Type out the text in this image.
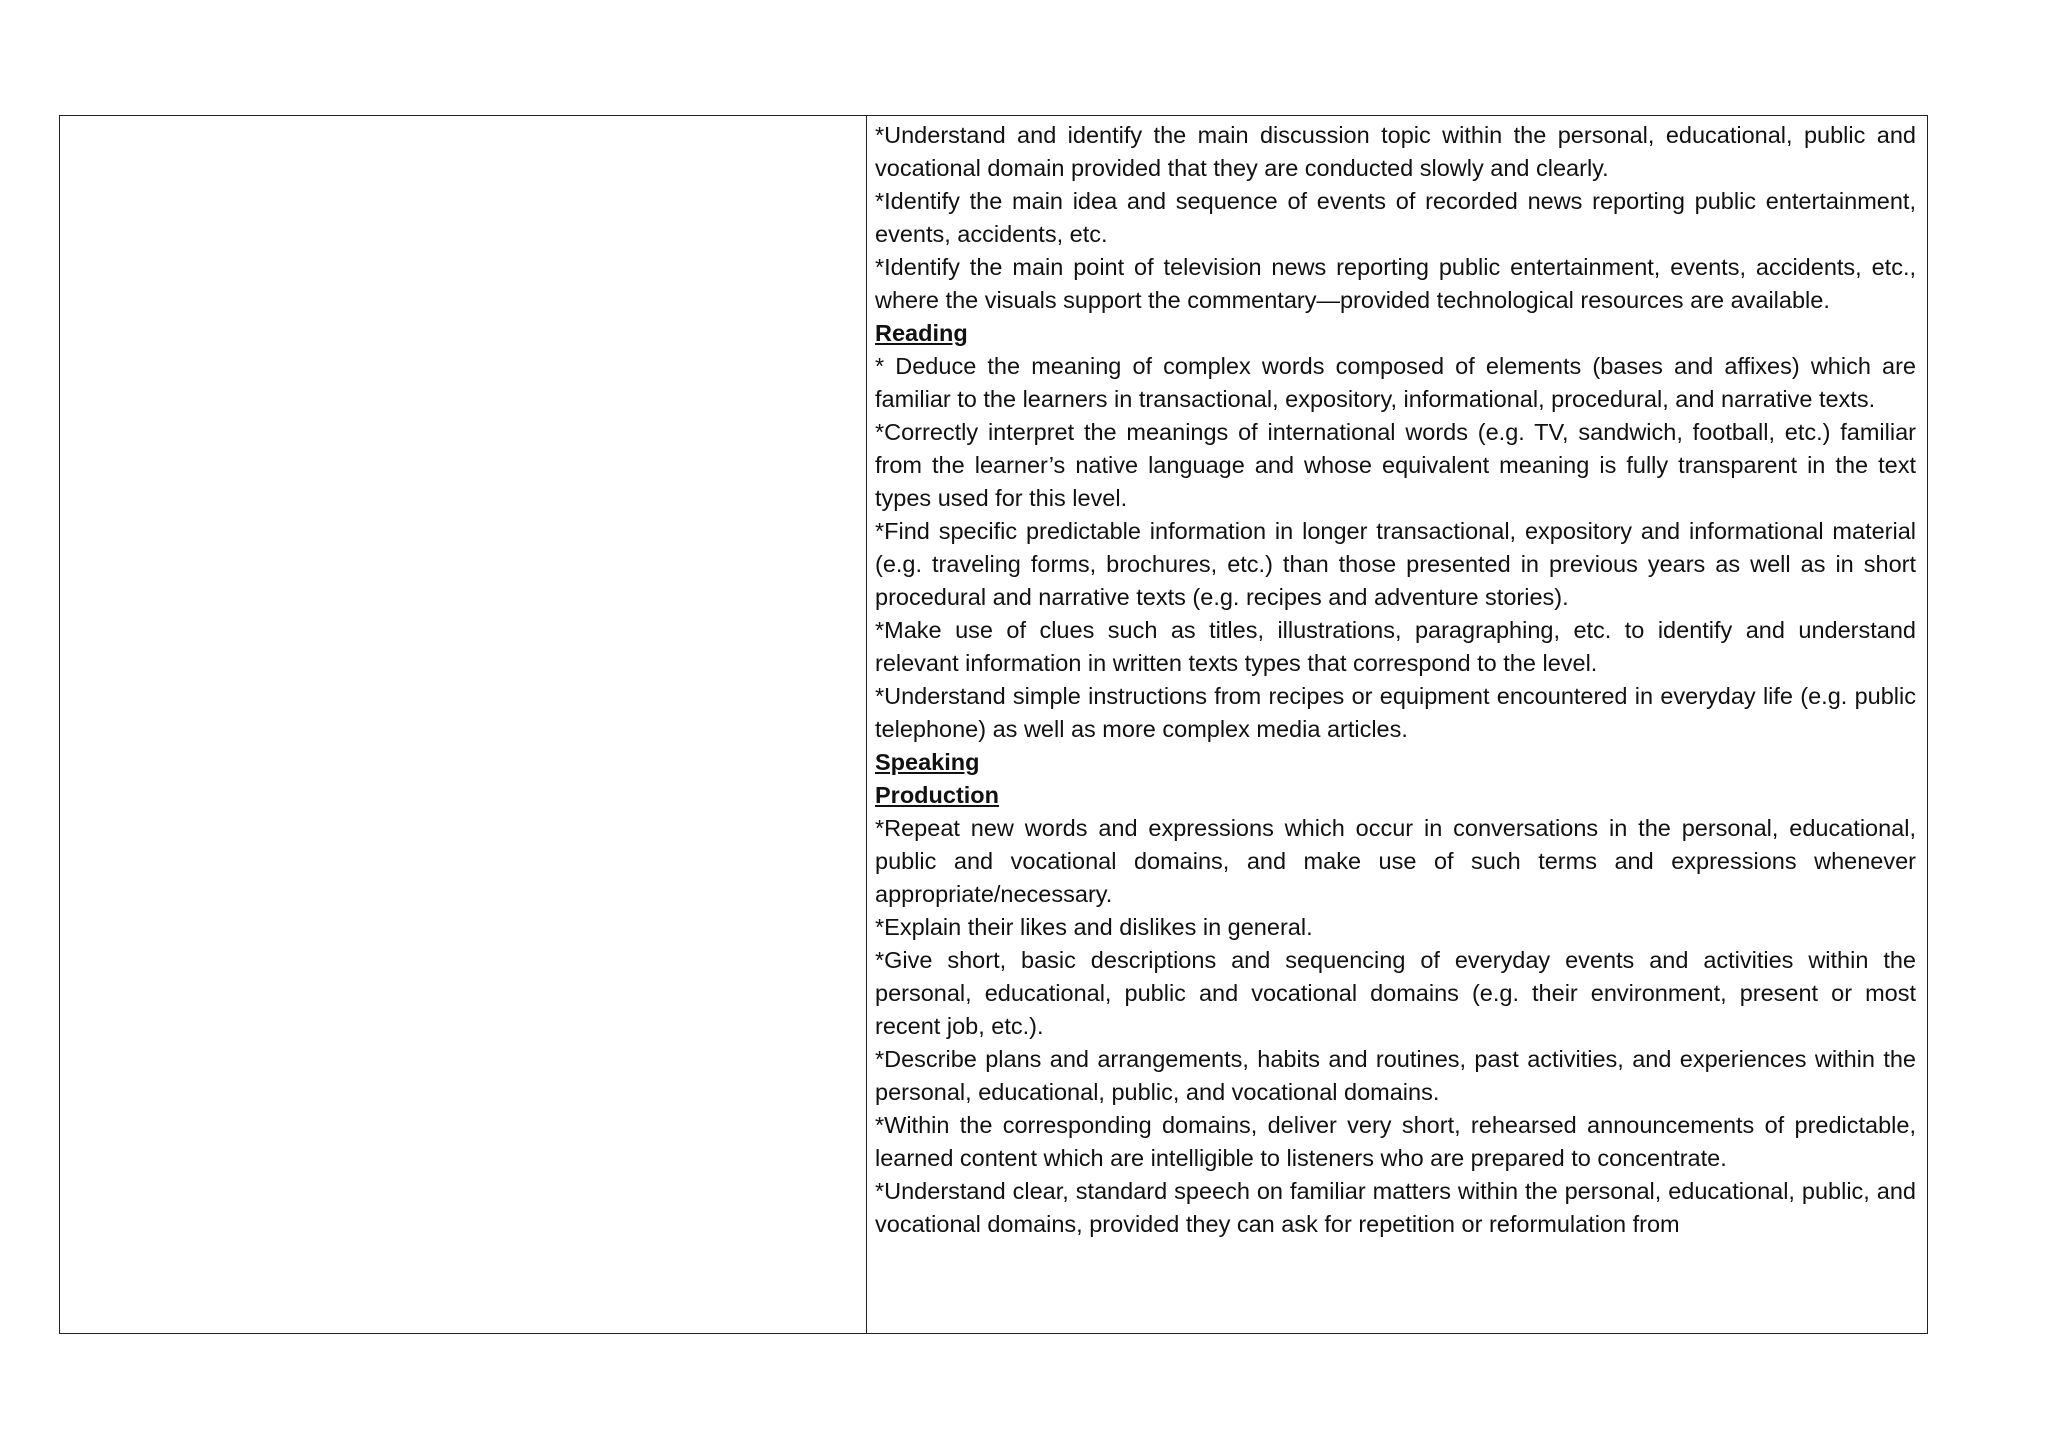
*Understand and identify the main discussion topic within the personal, educational, public and vocational domain provided that they are conducted slowly and clearly.

*Identify the main idea and sequence of events of recorded news reporting public entertainment, events, accidents, etc.

*Identify the main point of television news reporting public entertainment, events, accidents, etc., where the visuals support the commentary—provided technological resources are available.

Reading

* Deduce the meaning of complex words composed of elements (bases and affixes) which are familiar to the learners in transactional, expository, informational, procedural, and narrative texts.

*Correctly interpret the meanings of international words (e.g. TV, sandwich, football, etc.) familiar from the learner’s native language and whose equivalent meaning is fully transparent in the text types used for this level.

*Find specific predictable information in longer transactional, expository and informational material (e.g. traveling forms, brochures, etc.) than those presented in previous years as well as in short procedural and narrative texts (e.g. recipes and adventure stories).

*Make use of clues such as titles, illustrations, paragraphing, etc. to identify and understand relevant information in written texts types that correspond to the level.

*Understand simple instructions from recipes or equipment encountered in everyday life (e.g. public telephone) as well as more complex media articles.

Speaking

Production

*Repeat new words and expressions which occur in conversations in the personal, educational, public and vocational domains, and make use of such terms and expressions whenever appropriate/necessary.

*Explain their likes and dislikes in general.

*Give short, basic descriptions and sequencing of everyday events and activities within the personal, educational, public and vocational domains (e.g. their environment, present or most recent job, etc.).

*Describe plans and arrangements, habits and routines, past activities, and experiences within the personal, educational, public, and vocational domains.

*Within the corresponding domains, deliver very short, rehearsed announcements of predictable, learned content which are intelligible to listeners who are prepared to concentrate.

*Understand clear, standard speech on familiar matters within the personal, educational, public, and vocational domains, provided they can ask for repetition or reformulation from
